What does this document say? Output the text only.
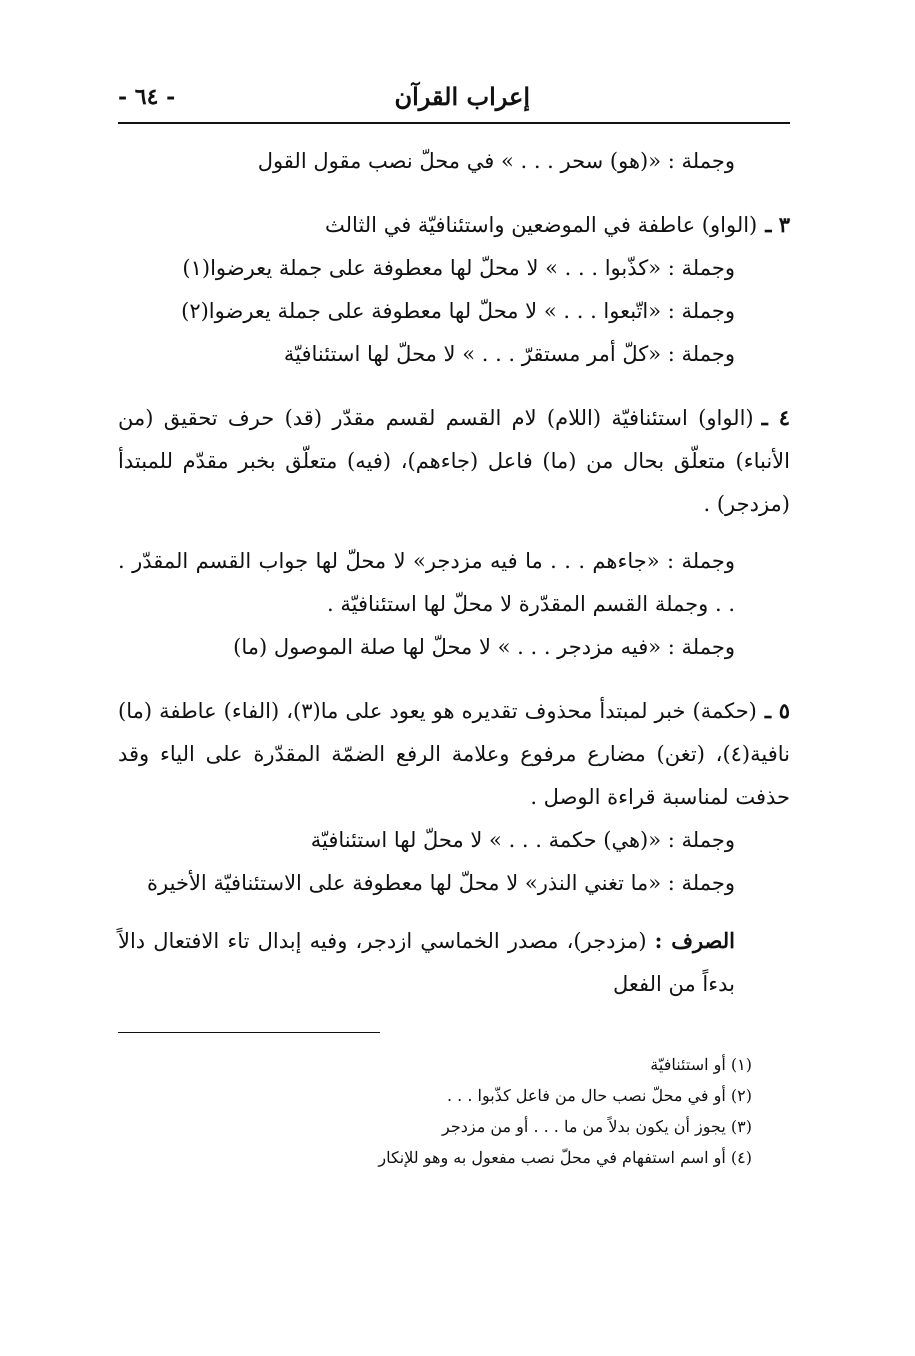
إعراب القرآن
- ٦٤ -

وجملة : «(هو) سحر . . . » في محلّ نصب مقول القول

٣ ـ(الواو) عاطفة في الموضعين واستئنافيّة في الثالث

وجملة : «كذّبوا . . . » لا محلّ لها معطوفة على جملة يعرضوا(١)

وجملة : «اتّبعوا . . . » لا محلّ لها معطوفة على جملة يعرضوا(٢)

وجملة : «كلّ أمر مستقرّ . . . » لا محلّ لها استئنافيّة

٤ ـ(الواو) استئنافيّة (اللام) لام القسم لقسم مقدّر (قد) حرف تحقيق (من الأنباء) متعلّق بحال من (ما) فاعل (جاءهم)، (فيه) متعلّق بخبر مقدّم للمبتدأ (مزدجر) .

وجملة : «جاءهم . . . ما فيه مزدجر» لا محلّ لها جواب القسم المقدّر . . . وجملة القسم المقدّرة لا محلّ لها استئنافيّة .

وجملة : «فيه مزدجر . . . » لا محلّ لها صلة الموصول (ما)

٥ ـ(حكمة) خبر لمبتدأ محذوف تقديره هو يعود على ما(٣)، (الفاء) عاطفة (ما) نافية(٤)، (تغن) مضارع مرفوع وعلامة الرفع الضمّة المقدّرة على الياء وقد حذفت لمناسبة قراءة الوصل .

وجملة : «(هي) حكمة . . . » لا محلّ لها استئنافيّة

وجملة : «ما تغني النذر» لا محلّ لها معطوفة على الاستئنافيّة الأخيرة

الصرف : (مزدجر)، مصدر الخماسي ازدجر، وفيه إبدال تاء الافتعال دالاً بدءاً من الفعل

(١) أو استئنافيّة

(٢) أو في محلّ نصب حال من فاعل كذّبوا . . .

(٣) يجوز أن يكون بدلاً من ما . . . أو من مزدجر

(٤) أو اسم استفهام في محلّ نصب مفعول به وهو للإنكار
